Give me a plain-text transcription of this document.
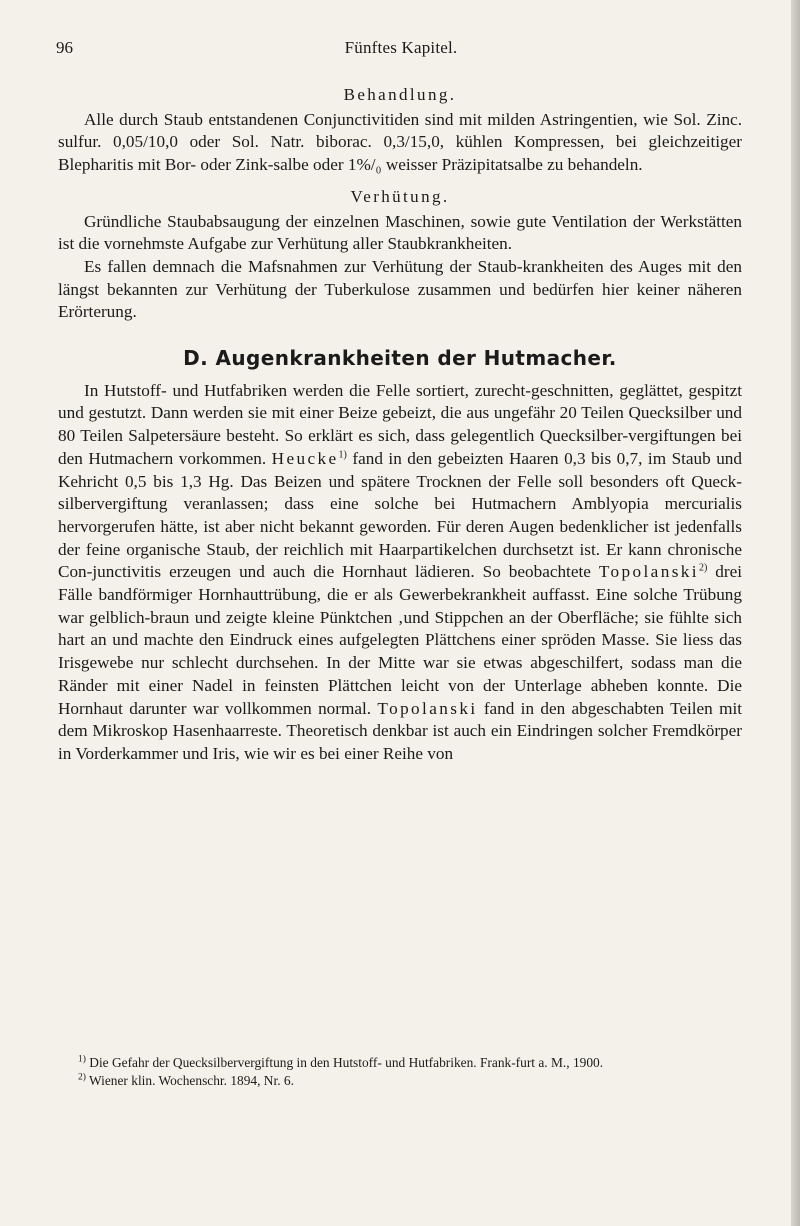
96	Fünftes Kapitel.
Behandlung.

Alle durch Staub entstandenen Conjunctivitiden sind mit milden Astringentien, wie Sol. Zinc. sulfur. 0,05/10,0 oder Sol. Natr. biborac. 0,3/15,0, kühlen Kompressen, bei gleichzeitiger Blepharitis mit Bor- oder Zink-salbe oder 1%/₀ weisser Präzipitatsalbe zu behandeln.

Verhütung.

Gründliche Staubabsaugung der einzelnen Maschinen, sowie gute Ventilation der Werkstätten ist die vornehmste Aufgabe zur Verhütung aller Staubkrankheiten.

Es fallen demnach die Mafsnahmen zur Verhütung der Staub-krankheiten des Auges mit den längst bekannten zur Verhütung der Tuberkulose zusammen und bedürfen hier keiner näheren Erörterung.

D. Augenkrankheiten der Hutmacher.

In Hutstoff- und Hutfabriken werden die Felle sortiert, zurecht-geschnitten, geglättet, gespitzt und gestutzt. Dann werden sie mit einer Beize gebeizt, die aus ungefähr 20 Teilen Quecksilber und 80 Teilen Salpetersäure besteht. So erklärt es sich, dass gelegentlich Quecksilber-vergiftungen bei den Hutmachern vorkommen. Heucke$^{1)}$ fand in den gebeizten Haaren 0,3 bis 0,7, im Staub und Kehricht 0,5 bis 1,3 Hg. Das Beizen und spätere Trocknen der Felle soll besonders oft Queck-silbervergiftung veranlassen; dass eine solche bei Hutmachern Amblyopia mercurialis hervorgerufen hätte, ist aber nicht bekannt geworden. Für deren Augen bedenklicher ist jedenfalls der feine organische Staub, der reichlich mit Haarpartikelchen durchsetzt ist. Er kann chronische Con-junctivitis erzeugen und auch die Hornhaut lädieren. So beobachtete Topolanski$^{2)}$ drei Fälle bandförmiger Hornhauttrübung, die er als Gewerbekrankheit auffasst. Eine solche Trübung war gelblich-braun und zeigte kleine Pünktchen ‚und Stippchen an der Oberfläche; sie fühlte sich hart an und machte den Eindruck eines aufgelegten Plättchens einer spröden Masse. Sie liess das Irisgewebe nur schlecht durchsehen. In der Mitte war sie etwas abgeschilfert, sodass man die Ränder mit einer Nadel in feinsten Plättchen leicht von der Unterlage abheben konnte. Die Hornhaut darunter war vollkommen normal. Topolanski fand in den abgeschabten Teilen mit dem Mikroskop Hasenhaarreste. Theoretisch denkbar ist auch ein Eindringen solcher Fremdkörper in Vorderkammer und Iris, wie wir es bei einer Reihe von

$^{1)}$ Die Gefahr der Quecksilbervergiftung in den Hutstoff- und Hutfabriken. Frank-furt a. M., 1900.

$^{2)}$ Wiener klin. Wochenschr. 1894, Nr. 6.
